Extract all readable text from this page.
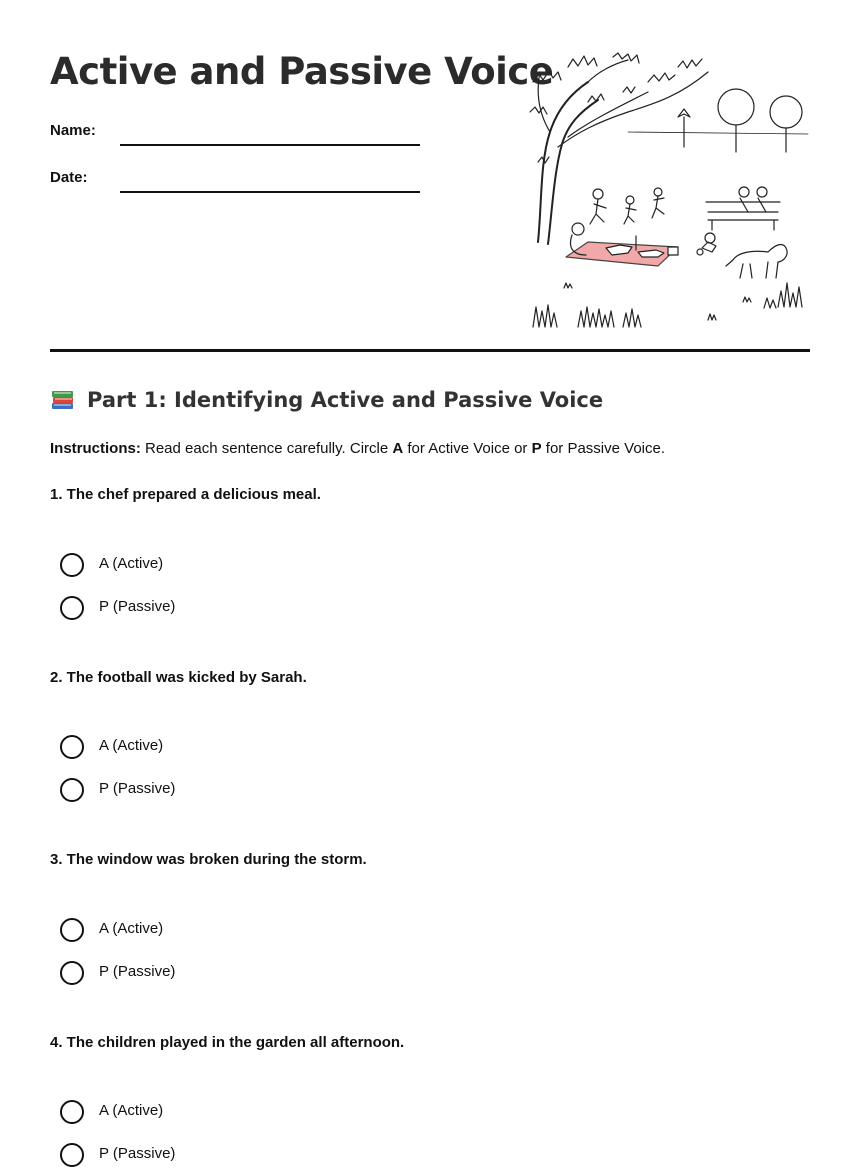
Active and Passive Voice
Name:
Date:
Part 1: Identifying Active and Passive Voice
Instructions: Read each sentence carefully. Circle A for Active Voice or P for Passive Voice.
1. The chef prepared a delicious meal.
A (Active)
P (Passive)
2. The football was kicked by Sarah.
A (Active)
P (Passive)
3. The window was broken during the storm.
A (Active)
P (Passive)
4. The children played in the garden all afternoon.
A (Active)
P (Passive)
